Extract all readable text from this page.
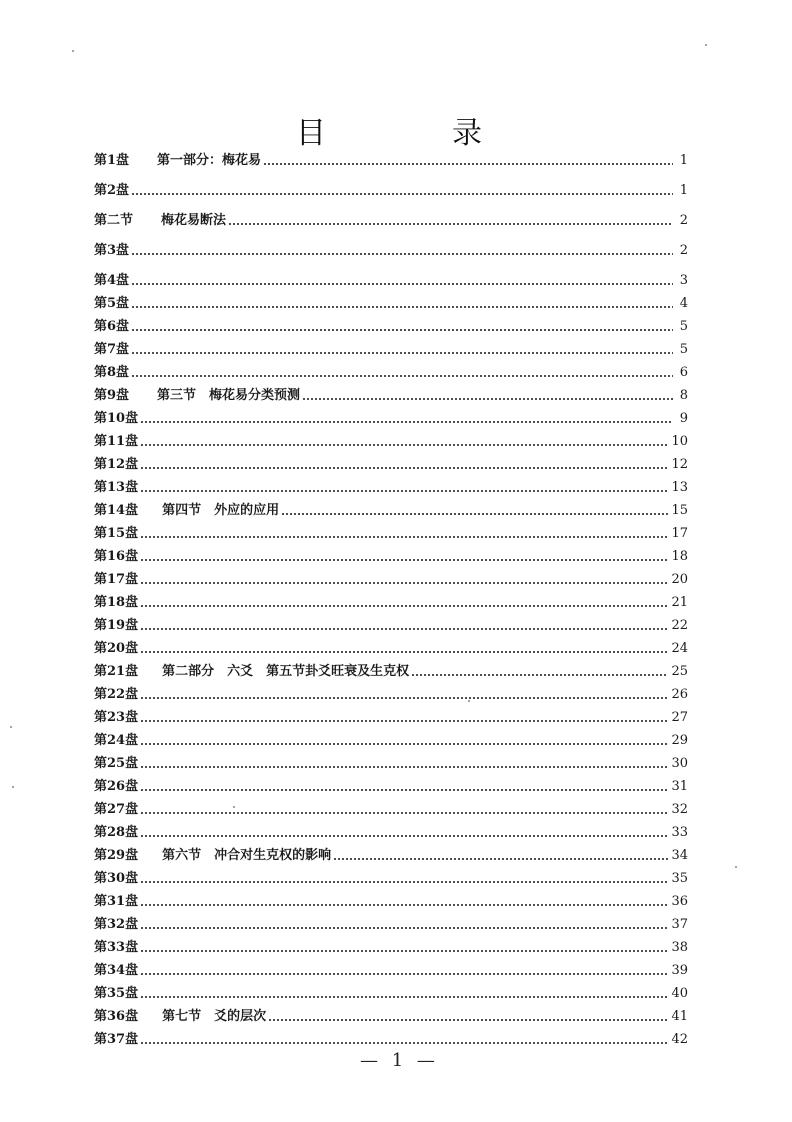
目	录
第1盘 第一部分：梅花易	1
第2盘	1
第二节 梅花易断法	2
第3盘	2
第4盘	3
第5盘	4
第6盘	5
第7盘	5
第8盘	6
第9盘 第三节　梅花易分类预测	8
第10盘	9
第11盘	10
第12盘	12
第13盘	13
第14盘 第四节　外应的应用	15
第15盘	17
第16盘	18
第17盘	20
第18盘	21
第19盘	22
第20盘	24
第21盘 第二部分　六爻　第五节卦爻旺衰及生克权	25
第22盘	26
第23盘	27
第24盘	29
第25盘	30
第26盘	31
第27盘	32
第28盘	33
第29盘 第六节　冲合对生克权的影响	34
第30盘	35
第31盘	36
第32盘	37
第33盘	38
第34盘	39
第35盘	40
第36盘 第七节　爻的层次	41
第37盘	42
— 1 —
